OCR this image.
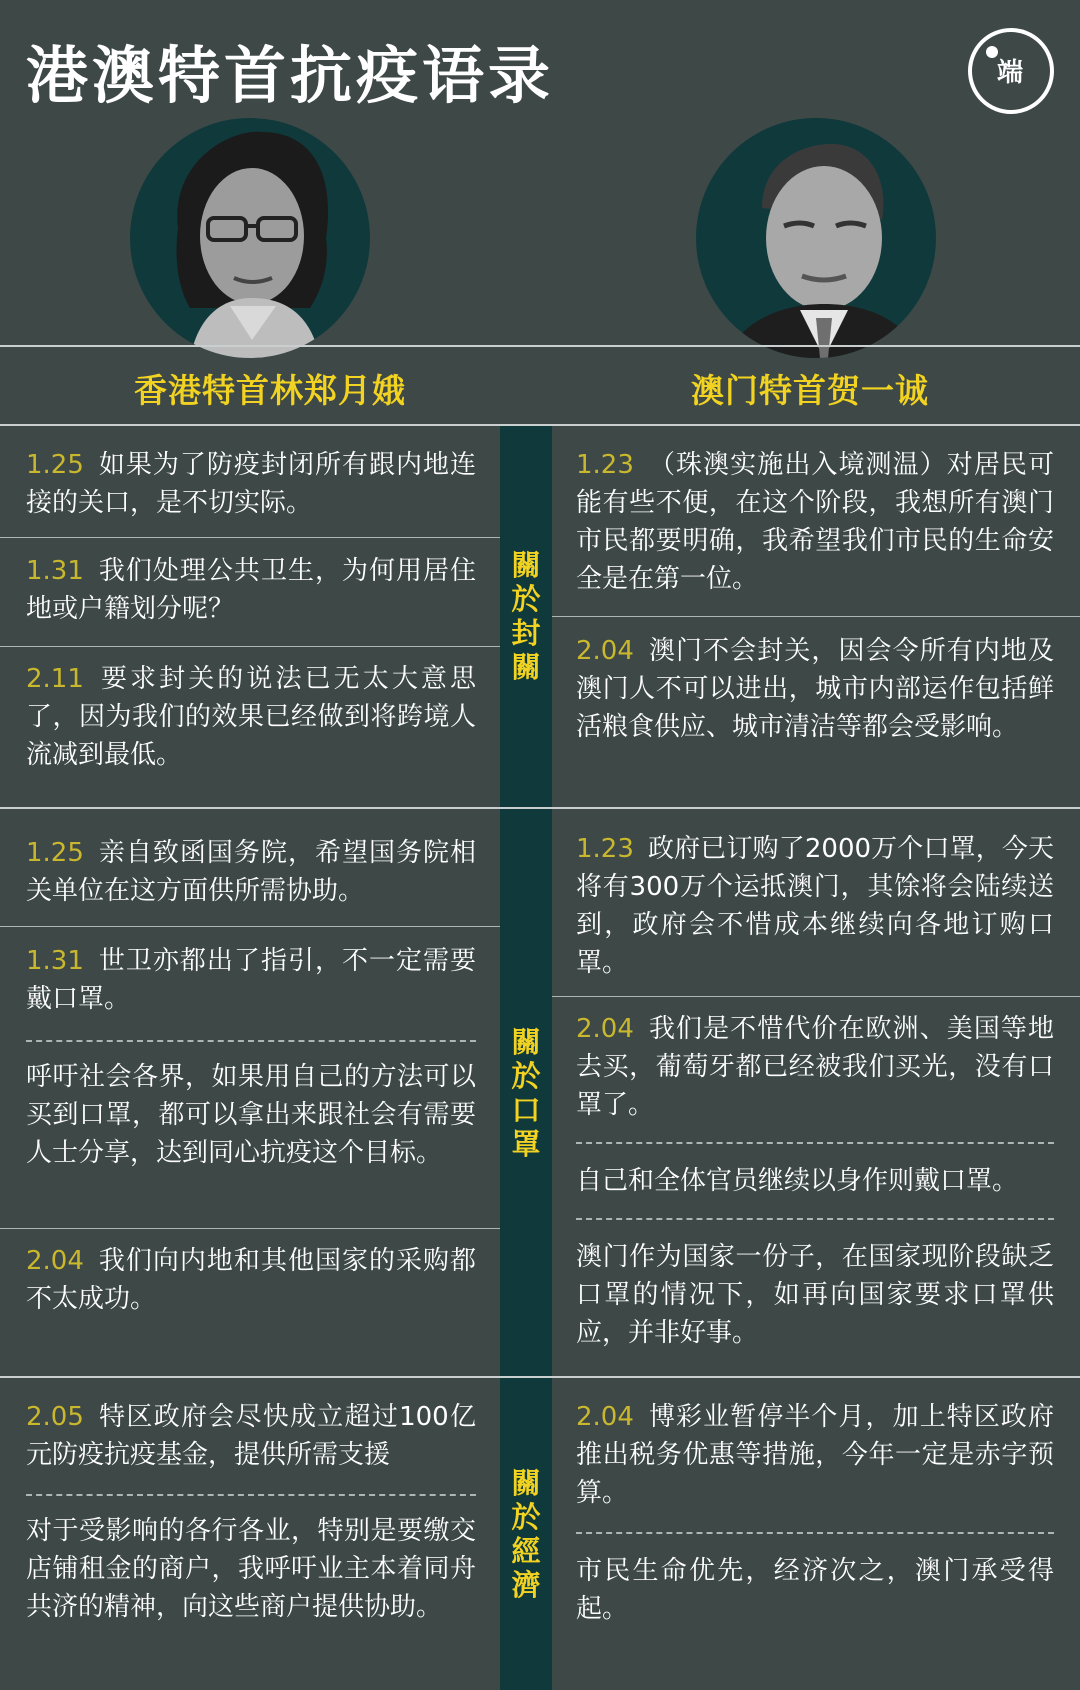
港澳特首抗疫语录	端
香港特首林郑月娥	澳门特首贺一诚
關於封關
關於口罩
關於經濟
1.25 如果为了防疫封闭所有跟内地连接的关口，是不切实际。
1.31 我们处理公共卫生，为何用居住地或户籍划分呢？
2.11 要求封关的说法已无太大意思了，因为我们的效果已经做到将跨境人流减到最低。
1.25 亲自致函国务院，希望国务院相关单位在这方面供所需协助。
1.31 世卫亦都出了指引，不一定需要戴口罩。
呼吁社会各界，如果用自己的方法可以买到口罩，都可以拿出来跟社会有需要人士分享，达到同心抗疫这个目标。
2.04 我们向内地和其他国家的采购都不太成功。
2.05 特区政府会尽快成立超过100亿元防疫抗疫基金，提供所需支援
对于受影响的各行各业，特别是要缴交店铺租金的商户，我呼吁业主本着同舟共济的精神，向这些商户提供协助。
1.23 （珠澳实施出入境测温）对居民可能有些不便，在这个阶段，我想所有澳门市民都要明确，我希望我们市民的生命安全是在第一位。
2.04 澳门不会封关，因会令所有内地及澳门人不可以进出，城市内部运作包括鲜活粮食供应、城市清洁等都会受影响。
1.23 政府已订购了2000万个口罩，今天将有300万个运抵澳门，其馀将会陆续送到，政府会不惜成本继续向各地订购口罩。
2.04 我们是不惜代价在欧洲、美国等地去买，葡萄牙都已经被我们买光，没有口罩了。
自己和全体官员继续以身作则戴口罩。
澳门作为国家一份子，在国家现阶段缺乏口罩的情况下，如再向国家要求口罩供应，并非好事。
2.04 博彩业暂停半个月，加上特区政府推出税务优惠等措施，今年一定是赤字预算。
市民生命优先，经济次之，澳门承受得起。
